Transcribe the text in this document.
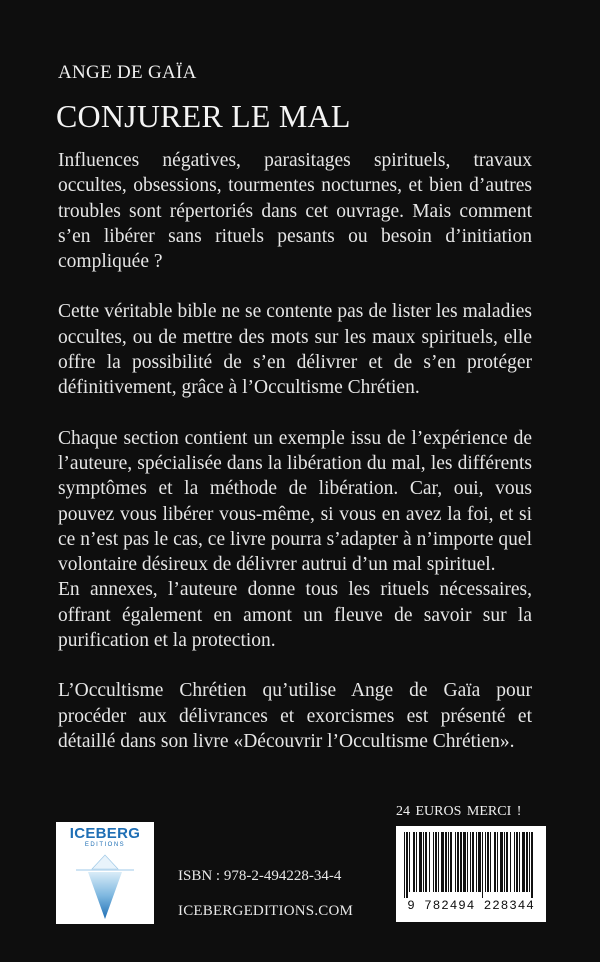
ANGE DE GAÏA
CONJURER LE MAL

Influences négatives, parasitages spirituels, travaux occultes, obsessions, tourmentes nocturnes, et bien d’autres troubles sont répertoriés dans cet ouvrage. Mais comment s’en libérer sans rituels pesants ou besoin d’initiation compliquée ?

Cette véritable bible ne se contente pas de lister les maladies occultes, ou de mettre des mots sur les maux spirituels, elle offre la possibilité de s’en délivrer et de s’en protéger définitivement, grâce à l’Occultisme Chrétien.

Chaque section contient un exemple issu de l’expérience de l’auteure, spécialisée dans la libération du mal, les différents symptômes et la méthode de libération. Car, oui, vous pouvez vous libérer vous-même, si vous en avez la foi, et si ce n’est pas le cas, ce livre pourra s’adapter à n’importe quel volontaire désireux de délivrer autrui d’un mal spirituel.

En annexes, l’auteure donne tous les rituels nécessaires, offrant également en amont un fleuve de savoir sur la purification et la protection.

L’Occultisme Chrétien qu’utilise Ange de Gaïa pour procéder aux délivrances et exorcismes est présenté et détaillé dans son livre «Découvrir l’Occultisme Chrétien».

24 EUROS MERCI !
ICEBERG
EDITIONS
ISBN : 978-2-494228-34-4
ICEBERGEDITIONS.COM	9 782494 228344
